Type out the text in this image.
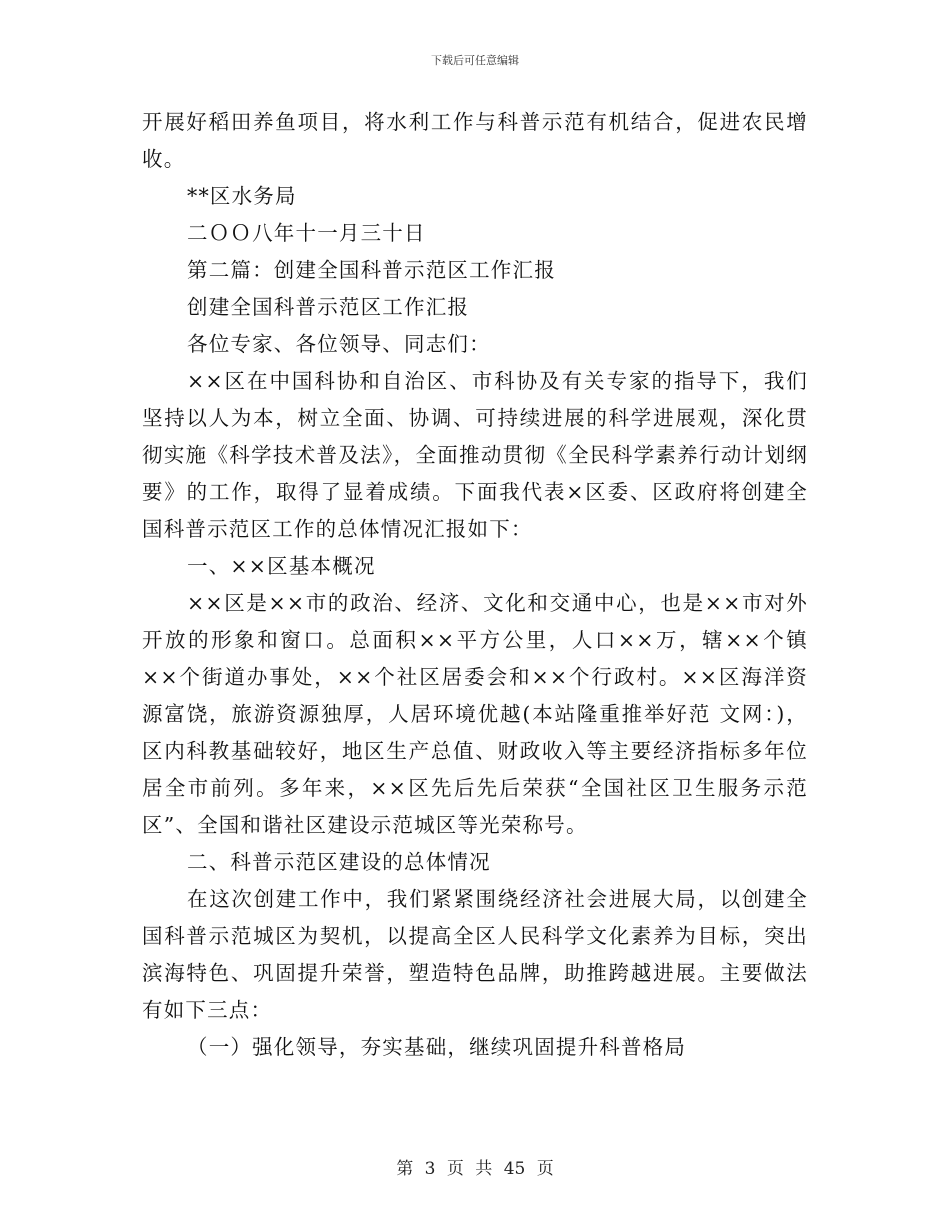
下载后可任意编辑

开展好稻田养鱼项目，将水利工作与科普示范有机结合，促进农民增收。

**区水务局

二ＯＯ八年十一月三十日

第二篇：创建全国科普示范区工作汇报

创建全国科普示范区工作汇报

各位专家、各位领导、同志们：

××区在中国科协和自治区、市科协及有关专家的指导下，我们坚持以人为本，树立全面、协调、可持续进展的科学进展观，深化贯彻实施《科学技术普及法》，全面推动贯彻《全民科学素养行动计划纲要》的工作，取得了显着成绩。下面我代表×区委、区政府将创建全国科普示范区工作的总体情况汇报如下：

一、××区基本概况

××区是××市的政治、经济、文化和交通中心，也是××市对外开放的形象和窗口。总面积××平方公里，人口××万，辖××个镇××个街道办事处，××个社区居委会和××个行政村。××区海洋资源富饶，旅游资源独厚，人居环境优越(本站隆重推举好范 文网：)，区内科教基础较好，地区生产总值、财政收入等主要经济指标多年位居全市前列。多年来，××区先后先后荣获“全国社区卫生服务示范区”、全国和谐社区建设示范城区等光荣称号。

二、科普示范区建设的总体情况

在这次创建工作中，我们紧紧围绕经济社会进展大局，以创建全国科普示范城区为契机，以提高全区人民科学文化素养为目标，突出滨海特色、巩固提升荣誉，塑造特色品牌，助推跨越进展。主要做法有如下三点：

（一）强化领导，夯实基础，继续巩固提升科普格局

第 3 页 共 45 页
